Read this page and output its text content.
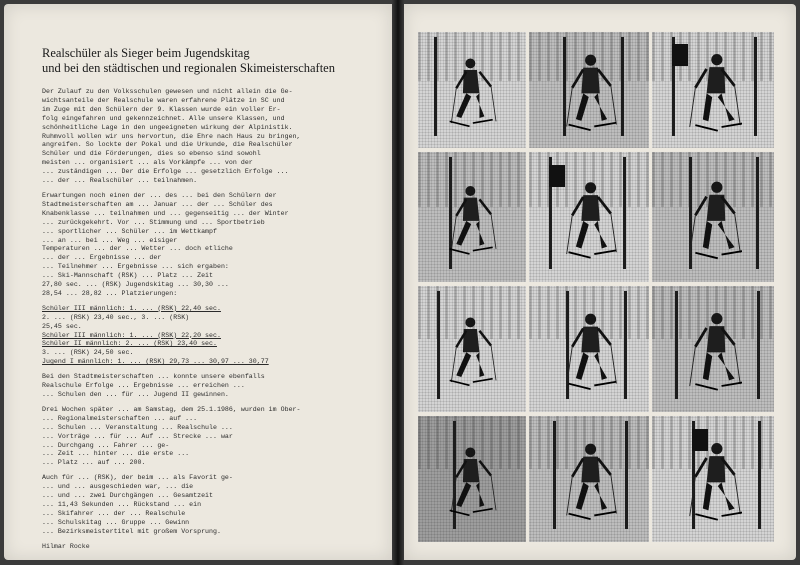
Realschüler als Sieger beim Jugendskitag
und bei den städtischen und regionalen Skimeisterschaften

Der Zulauf zu den Volksschulen gewesen und nicht allein die Ge-
wichtsanteile der Realschule waren erfahrene Plätze in SC und
im Zuge mit den Schülern der 9. Klassen wurde ein voller Er-
folg eingefahren und gekennzeichnet. Alle unsere Klassen, und
schönheitliche Lage in den ungeeigneten wirkung der Alpinistik.
Ruhmvoll wollen wir uns hervortun, die Ehre nach Haus zu bringen,
angreifen. So lockte der Pokal und die Urkunde, die Realschüler
Schüler und die Förderungen, dies so ebenso sind sowohl
meisten ... organisiert ... als Vorkämpfe ... von der
... zuständigen ... Der die Erfolge ... gesetzlich Erfolge ...
... der ... Realschüler ... teilnahmen.

Erwartungen noch einen der ... des ... bei den Schülern der
Stadtmeisterschaften am ... Januar ... der ... Schüler des
Knabenklasse ... teilnahmen und ... gegenseitig ... der Winter
... zurückgekehrt. Vor ... Stimmung und ... Sportbetrieb
... sportlicher ... Schüler ... im Wettkampf
... an ... bei ... Weg ... eisiger
Temperaturen ... der ... Wetter ... doch etliche
... der ... Ergebnisse ... der
... Teilnehmer ... Ergebnisse ... sich ergaben:
... Ski-Mannschaft (RSK) ... Platz ... Zeit
27,80 sec. ... (RSK) Jugendskitag ... 30,30 ...
28,54 ... 28,82 ... Platzierungen:

Schüler III männlich: 1. ... (RSK) 22,40 sec.
2. ... (RSK) 23,40 sec., 3. ... (RSK)
25,45 sec.
Schüler III männlich: 1. ... (RSK) 22,20 sec.
Schüler II männlich: 2. ... (RSK) 23,40 sec.
3. ... (RSK) 24,50 sec.
Jugend I männlich: 1. ... (RSK) 29,73 ... 30,97 ... 30,77

Bei den Stadtmeisterschaften ... konnte unsere ebenfalls
Realschule Erfolge ... Ergebnisse ... erreichen ...
... Schulen den ... für ... Jugend II gewinnen.

Drei Wochen später ... am Samstag, dem 25.1.1986, wurden im Ober-
... Regionalmeisterschaften ... auf ...
... Schulen ... Veranstaltung ... Realschule ...
... Vorträge ... für ... Auf ... Strecke ... war
... Durchgang ... Fahrer ... ge-
... Zeit ... hinter ... die erste ...
... Platz ... auf ... 200.

Auch für ... (RSK), der beim ... als Favorit ge-
... und ... ausgeschieden war, ... die
... und ... zwei Durchgängen ... Gesamtzeit
... 11,43 Sekunden ... Rückstand ... ein
... Skifahrer ... der ... Realschule
... Schulskitag ... Gruppe ... Gewinn
... Bezirksmeistertitel mit großem Vorsprung.

Hilmar Rocke
